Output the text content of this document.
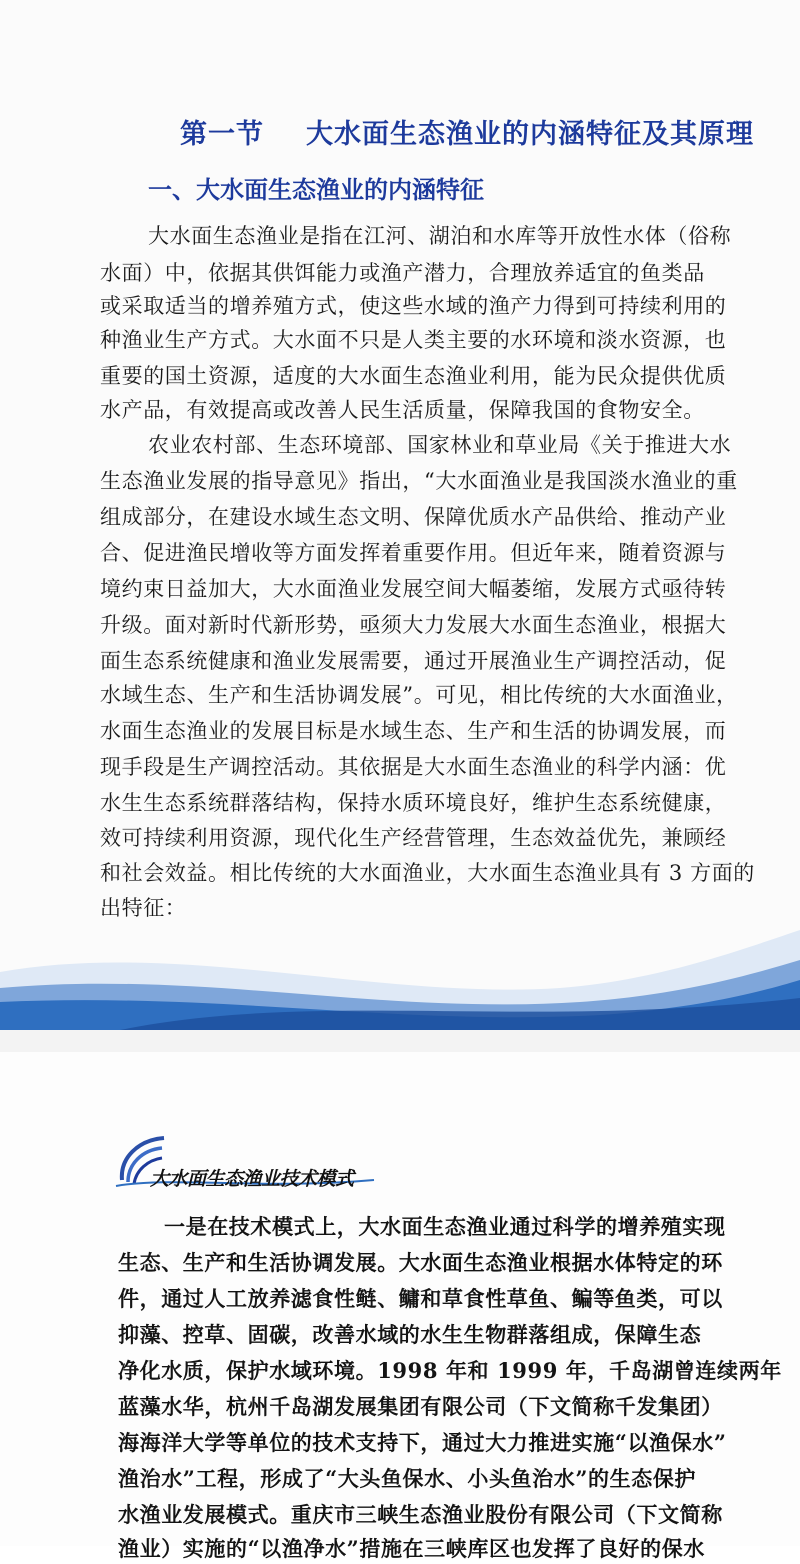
第一节 大水面生态渔业的内涵特征及其原理
一、大水面生态渔业的内涵特征
大水面生态渔业是指在江河、湖泊和水库等开放性水体（俗称
水面）中，依据其供饵能力或渔产潜力，合理放养适宜的鱼类品
或采取适当的增养殖方式，使这些水域的渔产力得到可持续利用的
种渔业生产方式。大水面不只是人类主要的水环境和淡水资源，也
重要的国土资源，适度的大水面生态渔业利用，能为民众提供优质
水产品，有效提高或改善人民生活质量，保障我国的食物安全。
农业农村部、生态环境部、国家林业和草业局《关于推进大水
生态渔业发展的指导意见》指出，“大水面渔业是我国淡水渔业的重
组成部分，在建设水域生态文明、保障优质水产品供给、推动产业
合、促进渔民增收等方面发挥着重要作用。但近年来，随着资源与
境约束日益加大，大水面渔业发展空间大幅萎缩，发展方式亟待转
升级。面对新时代新形势，亟须大力发展大水面生态渔业，根据大
面生态系统健康和渔业发展需要，通过开展渔业生产调控活动，促
水域生态、生产和生活协调发展”。可见，相比传统的大水面渔业，
水面生态渔业的发展目标是水域生态、生产和生活的协调发展，而
现手段是生产调控活动。其依据是大水面生态渔业的科学内涵：优
水生生态系统群落结构，保持水质环境良好，维护生态系统健康，
效可持续利用资源，现代化生产经营管理，生态效益优先，兼顾经
和社会效益。相比传统的大水面渔业，大水面生态渔业具有 3 方面的
出特征：
大水面生态渔业技术模式
一是在技术模式上，大水面生态渔业通过科学的增养殖实现
生态、生产和生活协调发展。大水面生态渔业根据水体特定的环
件，通过人工放养滤食性鲢、鳙和草食性草鱼、鳊等鱼类，可以
抑藻、控草、固碳，改善水域的水生生物群落组成，保障生态
净化水质，保护水域环境。1998 年和 1999 年，千岛湖曾连续两年
蓝藻水华，杭州千岛湖发展集团有限公司（下文简称千发集团）
海海洋大学等单位的技术支持下，通过大力推进实施“以渔保水”
渔治水”工程，形成了“大头鱼保水、小头鱼治水”的生态保护
水渔业发展模式。重庆市三峡生态渔业股份有限公司（下文简称
渔业）实施的“以渔净水”措施在三峡库区也发挥了良好的保水
